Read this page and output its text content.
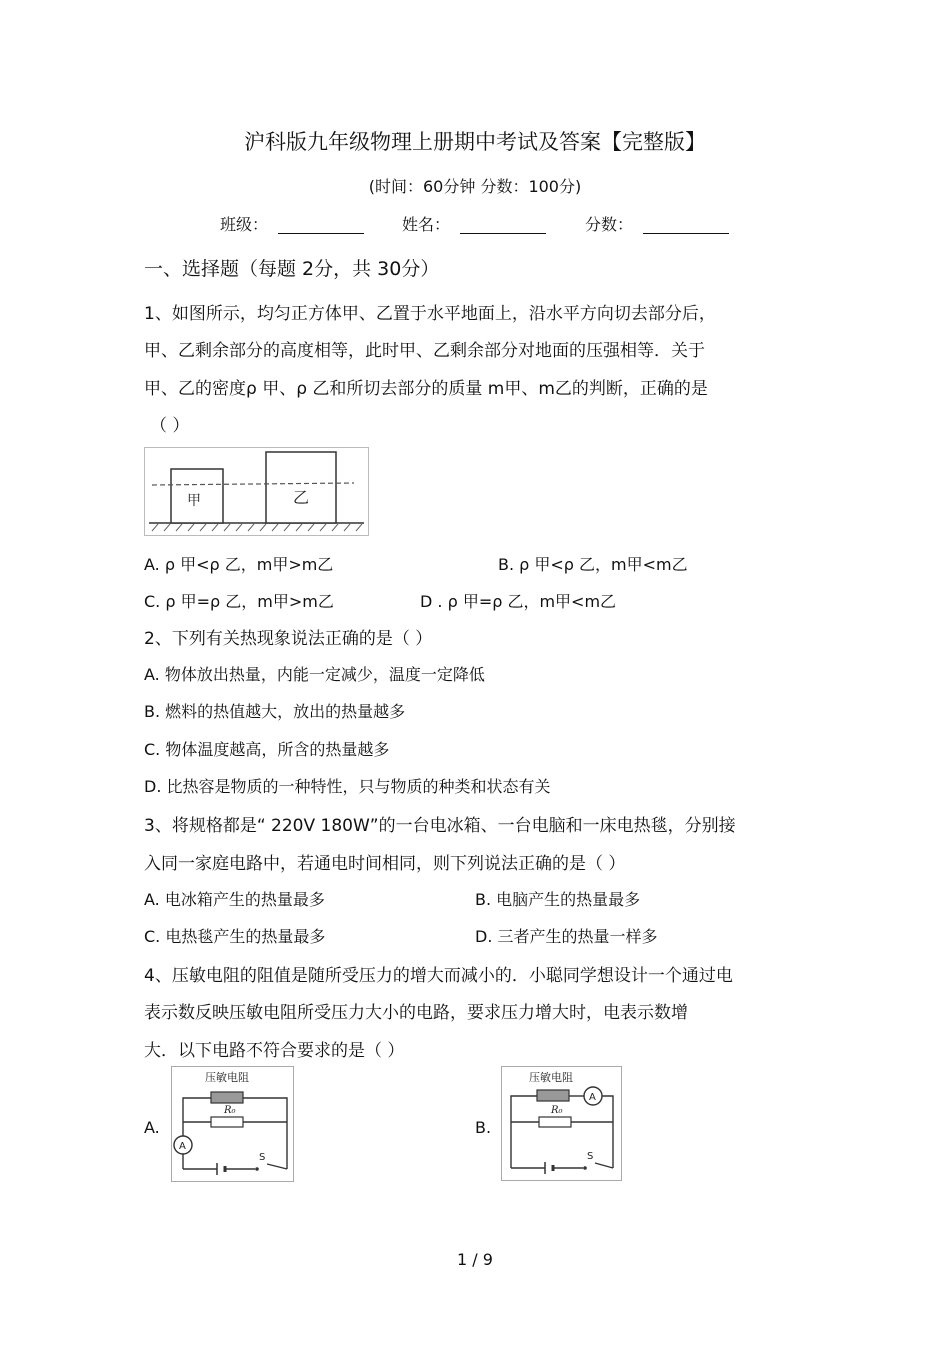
沪科版九年级物理上册期中考试及答案【完整版】
(时间：60分钟 分数：100分)
班级：	姓名：	分数：
一、选择题（每题 2分，共 30分）
1、如图所示，均匀正方体甲、乙置于水平地面上，沿水平方向切去部分后，
甲、乙剩余部分的高度相等，此时甲、乙剩余部分对地面的压强相等．关于
甲、乙的密度ρ 甲、ρ 乙和所切去部分的质量 m甲、m乙的判断，正确的是
（ ）
甲	乙
A. ρ 甲<ρ 乙，m甲>m乙	B. ρ 甲<ρ 乙，m甲<m乙
C. ρ 甲=ρ 乙，m甲>m乙	D . ρ 甲=ρ 乙，m甲<m乙
2、下列有关热现象说法正确的是（ ）
A. 物体放出热量，内能一定减少，温度一定降低
B. 燃料的热值越大，放出的热量越多
C. 物体温度越高，所含的热量越多
D. 比热容是物质的一种特性，只与物质的种类和状态有关
3、将规格都是“ 220V 180W”的一台电冰箱、一台电脑和一床电热毯，分别接
入同一家庭电路中，若通电时间相同，则下列说法正确的是（ ）
A. 电冰箱产生的热量最多	B. 电脑产生的热量最多
C. 电热毯产生的热量最多	D. 三者产生的热量一样多
4、压敏电阻的阻值是随所受压力的增大而减小的．小聪同学想设计一个通过电
表示数反映压敏电阻所受压力大小的电路，要求压力增大时，电表示数增
大．以下电路不符合要求的是（ ）
A.
压敏电阻
R₀
A
S
B.
压敏电阻
A
R₀
S
1 / 9
